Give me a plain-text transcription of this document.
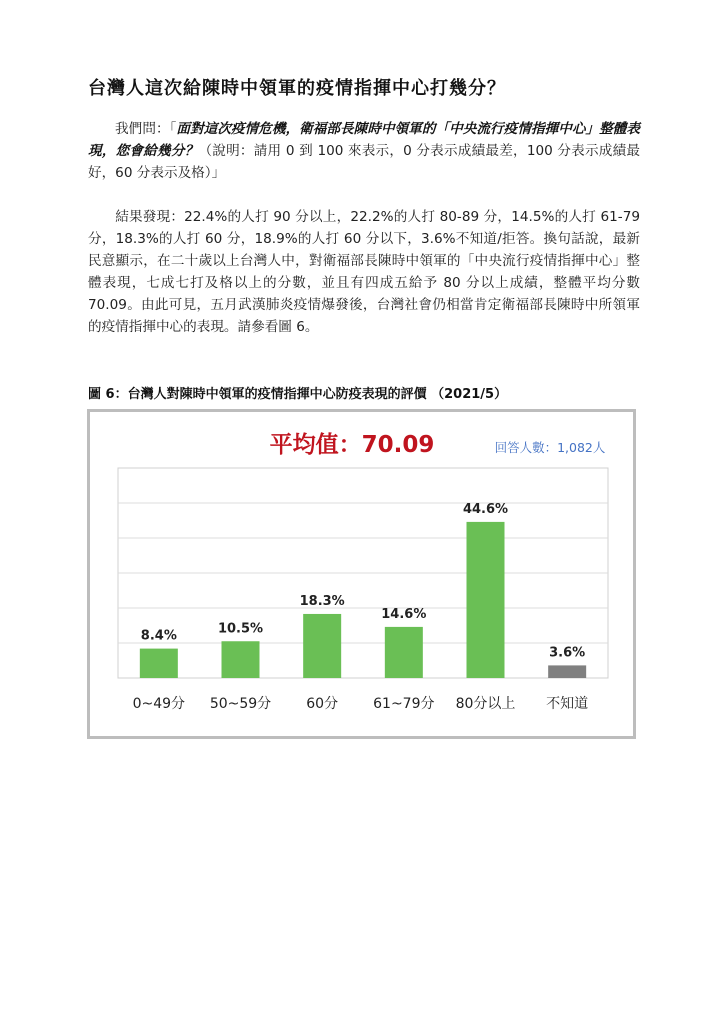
台灣人這次給陳時中領軍的疫情指揮中心打幾分？
我們問：「面對這次疫情危機，衛福部長陳時中領軍的「中央流行疫情指揮中心」整體表現，您會給幾分？（說明：請用 0 到 100 來表示，0 分表示成績最差，100 分表示成績最好，60 分表示及格）」
結果發現：22.4%的人打 90 分以上，22.2%的人打 80-89 分，14.5%的人打 61-79 分，18.3%的人打 60 分，18.9%的人打 60 分以下，3.6%不知道/拒答。換句話說，最新民意顯示，在二十歲以上台灣人中，對衛福部長陳時中領軍的「中央流行疫情指揮中心」整體表現，七成七打及格以上的分數，並且有四成五給予 80 分以上成績，整體平均分數 70.09。由此可見，五月武漢肺炎疫情爆發後，台灣社會仍相當肯定衛福部長陳時中所領軍的疫情指揮中心的表現。請參看圖 6。
圖 6：台灣人對陳時中領軍的疫情指揮中心防疫表現的評價 （2021/5）
平均值：70.09	回答人數：1,082人
8.4%	10.5%
18.3%
14.6%
44.6%
3.6%
0~49分 50~59分	60分	61~79分 80分以上 不知道
